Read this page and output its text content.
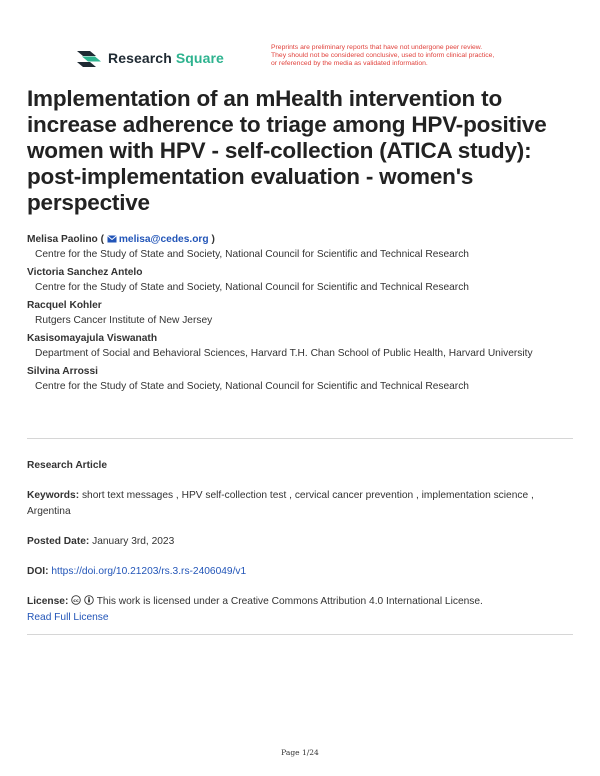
Research Square
Preprints are preliminary reports that have not undergone peer review.
They should not be considered conclusive, used to inform clinical practice,
or referenced by the media as validated information.
Implementation of an mHealth intervention to increase adherence to triage among HPV-positive women with HPV - self-collection (ATICA study): post-implementation evaluation - women's perspective
Melisa Paolino ( melisa@cedes.org )
Centre for the Study of State and Society, National Council for Scientific and Technical Research
Victoria Sanchez Antelo
Centre for the Study of State and Society, National Council for Scientific and Technical Research
Racquel Kohler
Rutgers Cancer Institute of New Jersey
Kasisomayajula Viswanath
Department of Social and Behavioral Sciences, Harvard T.H. Chan School of Public Health, Harvard University
Silvina Arrossi
Centre for the Study of State and Society, National Council for Scientific and Technical Research
Research Article
Keywords: short text messages , HPV self-collection test , cervical cancer prevention , implementation science , Argentina
Posted Date: January 3rd, 2023
DOI: https://doi.org/10.21203/rs.3.rs-2406049/v1
License: cc This work is licensed under a Creative Commons Attribution 4.0 International License.
Read Full License
Page 1/24
